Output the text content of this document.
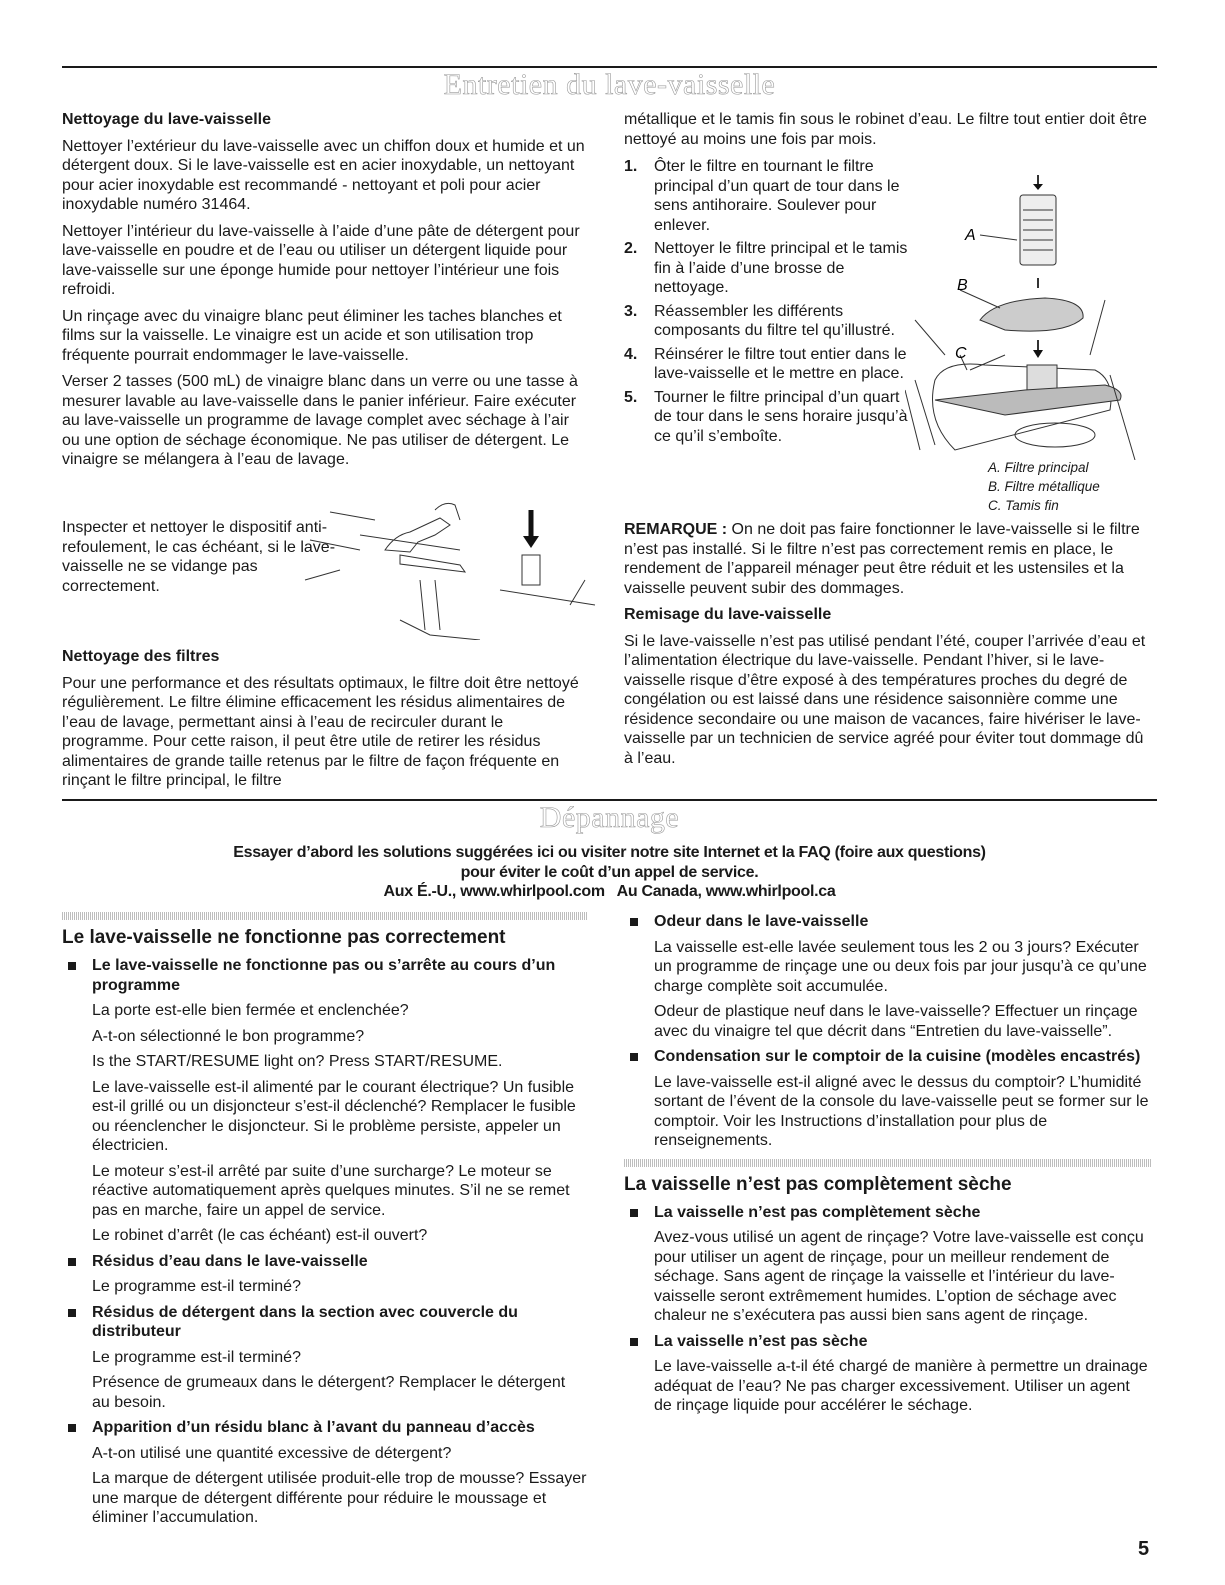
Entretien du lave-vaisselle

Nettoyage du lave-vaisselle

Nettoyer l’extérieur du lave-vaisselle avec un chiffon doux et humide et un détergent doux. Si le lave-vaisselle est en acier inoxydable, un nettoyant pour acier inoxydable est recommandé - nettoyant et poli pour acier inoxydable numéro 31464.

Nettoyer l’intérieur du lave-vaisselle à l’aide d’une pâte de détergent pour lave-vaisselle en poudre et de l’eau ou utiliser un détergent liquide pour lave-vaisselle sur une éponge humide pour nettoyer l’intérieur une fois refroidi.

Un rinçage avec du vinaigre blanc peut éliminer les taches blanches et films sur la vaisselle. Le vinaigre est un acide et son utilisation trop fréquente pourrait endommager le lave-vaisselle.

Verser 2 tasses (500 mL) de vinaigre blanc dans un verre ou une tasse à mesurer lavable au lave-vaisselle dans le panier inférieur. Faire exécuter au lave-vaisselle un programme de lavage complet avec séchage à l’air ou une option de séchage économique. Ne pas utiliser de détergent. Le vinaigre se mélangera à l’eau de lavage.

Inspecter et nettoyer le dispositif anti-refoulement, le cas échéant, si le lave-vaisselle ne se vidange pas correctement.

Nettoyage des filtres

Pour une performance et des résultats optimaux, le filtre doit être nettoyé régulièrement. Le filtre élimine efficacement les résidus alimentaires de l’eau de lavage, permettant ainsi à l’eau de recirculer durant le programme. Pour cette raison, il peut être utile de retirer les résidus alimentaires de grande taille retenus par le filtre de façon fréquente en rinçant le filtre principal, le filtre

métallique et le tamis fin sous le robinet d’eau. Le filtre tout entier doit être nettoyé au moins une fois par mois.

1. Ôter le filtre en tournant le filtre principal d’un quart de tour dans le sens antihoraire. Soulever pour enlever.
2. Nettoyer le filtre principal et le tamis fin à l’aide d’une brosse de nettoyage.
3. Réassembler les différents composants du filtre tel qu’illustré.
4. Réinsérer le filtre tout entier dans le lave-vaisselle et le mettre en place.
5. Tourner le filtre principal d’un quart de tour dans le sens horaire jusqu’à ce qu’il s’emboîte.
A
B
C
A. Filtre principal
B. Filtre métallique
C. Tamis fin

REMARQUE : On ne doit pas faire fonctionner le lave-vaisselle si le filtre n’est pas installé. Si le filtre n’est pas correctement remis en place, le rendement de l’appareil ménager peut être réduit et les ustensiles et la vaisselle peuvent subir des dommages.

Remisage du lave-vaisselle

Si le lave-vaisselle n’est pas utilisé pendant l’été, couper l’arrivée d’eau et l’alimentation électrique du lave-vaisselle. Pendant l’hiver, si le lave-vaisselle risque d’être exposé à des températures proches du degré de congélation ou est laissé dans une résidence saisonnière comme une résidence secondaire ou une maison de vacances, faire hivériser le lave-vaisselle par un technicien de service agréé pour éviter tout dommage dû à l’eau.

Dépannage
Essayer d’abord les solutions suggérées ici ou visiter notre site Internet et la FAQ (foire aux questions)
pour éviter le coût d’un appel de service.
Aux É.-U., www.whirlpool.com   Au Canada, www.whirlpool.ca

Le lave-vaisselle ne fonctionne pas correctement

Le lave-vaisselle ne fonctionne pas ou s’arrête au cours d’un programme

La porte est-elle bien fermée et enclenchée?

A-t-on sélectionné le bon programme?

Is the START/RESUME light on? Press START/RESUME.

Le lave-vaisselle est-il alimenté par le courant électrique? Un fusible est-il grillé ou un disjoncteur s’est-il déclenché? Remplacer le fusible ou réenclencher le disjoncteur. Si le problème persiste, appeler un électricien.

Le moteur s’est-il arrêté par suite d’une surcharge? Le moteur se réactive automatiquement après quelques minutes. S’il ne se remet pas en marche, faire un appel de service.

Le robinet d’arrêt (le cas échéant) est-il ouvert?

Résidus d’eau dans le lave-vaisselle

Le programme est-il terminé?

Résidus de détergent dans la section avec couvercle du distributeur

Le programme est-il terminé?

Présence de grumeaux dans le détergent? Remplacer le détergent au besoin.

Apparition d’un résidu blanc à l’avant du panneau d’accès

A-t-on utilisé une quantité excessive de détergent?

La marque de détergent utilisée produit-elle trop de mousse? Essayer une marque de détergent différente pour réduire le moussage et éliminer l’accumulation.

Odeur dans le lave-vaisselle

La vaisselle est-elle lavée seulement tous les 2 ou 3 jours? Exécuter un programme de rinçage une ou deux fois par jour jusqu’à ce qu’une charge complète soit accumulée.

Odeur de plastique neuf dans le lave-vaisselle? Effectuer un rinçage avec du vinaigre tel que décrit dans “Entretien du lave-vaisselle”.

Condensation sur le comptoir de la cuisine (modèles encastrés)

Le lave-vaisselle est-il aligné avec le dessus du comptoir? L’humidité sortant de l’évent de la console du lave-vaisselle peut se former sur le comptoir. Voir les Instructions d’installation pour plus de renseignements.

La vaisselle n’est pas complètement sèche

La vaisselle n’est pas complètement sèche

Avez-vous utilisé un agent de rinçage? Votre lave-vaisselle est conçu pour utiliser un agent de rinçage, pour un meilleur rendement de séchage. Sans agent de rinçage la vaisselle et l’intérieur du lave-vaisselle seront extrêmement humides. L’option de séchage avec chaleur ne s’exécutera pas aussi bien sans agent de rinçage.

La vaisselle n’est pas sèche

Le lave-vaisselle a-t-il été chargé de manière à permettre un drainage adéquat de l’eau? Ne pas charger excessivement. Utiliser un agent de rinçage liquide pour accélérer le séchage.

5
